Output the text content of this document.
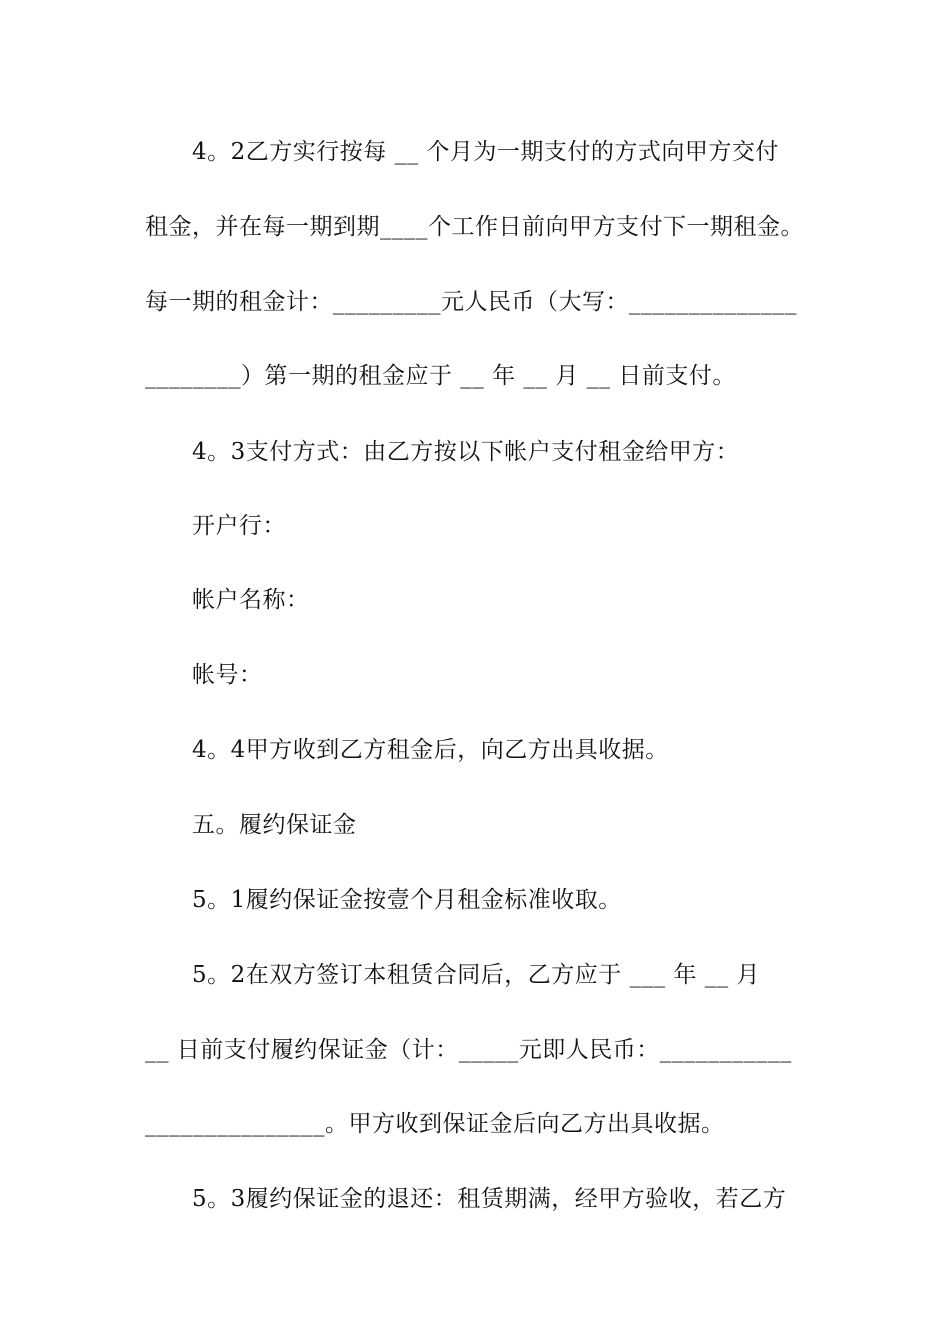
4。2乙方实行按每 __ 个月为一期支付的方式向甲方交付
租金，并在每一期到期____个工作日前向甲方支付下一期租金。
每一期的租金计：_________元人民币（大写：______________
________）第一期的租金应于 __ 年 __ 月 __ 日前支付。
4。3支付方式：由乙方按以下帐户支付租金给甲方：
开户行：
帐户名称：
帐号：
4。4甲方收到乙方租金后，向乙方出具收据。
五。履约保证金
5。1履约保证金按壹个月租金标准收取。
5。2在双方签订本租赁合同后，乙方应于 ___ 年 __ 月
__ 日前支付履约保证金（计：_____元即人民币：___________
_______________。甲方收到保证金后向乙方出具收据。
5。3履约保证金的退还：租赁期满，经甲方验收，若乙方
